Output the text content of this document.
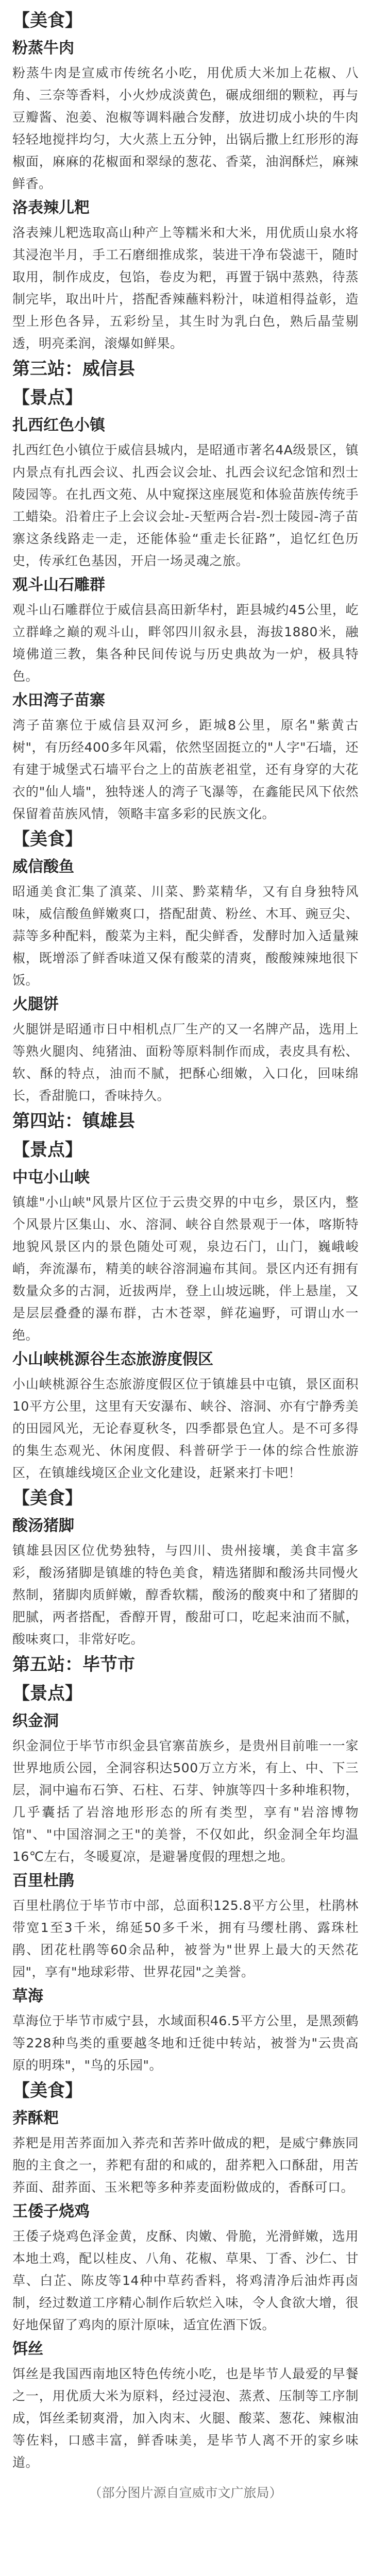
【美食】

粉蒸牛肉

粉蒸牛肉是宣威市传统名小吃，用优质大米加上花椒、八角、三奈等香料，小火炒成淡黄色，碾成细细的颗粒，再与豆瓣酱、泡姜、泡椒等调料融合发酵，放进切成小块的牛肉轻轻地搅拌均匀，大火蒸上五分钟，出锅后撒上红形形的海椒面，麻麻的花椒面和翠绿的葱花、香菜，油润酥烂，麻辣鲜香。

洛表辣儿粑

洛表辣儿粑选取高山种产上等糯米和大米，用优质山泉水将其浸泡半月，手工石磨细推成浆，装进干净布袋滤干，随时取用，制作成皮，包馅，卷皮为粑，再置于锅中蒸熟，待蒸制完毕，取出叶片，搭配香辣蘸料粉汁，味道相得益彰，造型上形色各异，五彩纷呈，其生时为乳白色，熟后晶莹剔透，明亮柔润，滚爆如鲜果。

第三站：威信县

【景点】

扎西红色小镇

扎西红色小镇位于威信县城内，是昭通市著名4A级景区，镇内景点有扎西会议、扎西会议会址、扎西会议纪念馆和烈士陵园等。在扎西文苑、从中窥探这座展览和体验苗族传统手工蜡染。沿着庄子上会议会址-天堑两合岩-烈士陵园-湾子苗寨这条线路走一走，还能体验“重走长征路”，追忆红色历史，传承红色基因，开启一场灵魂之旅。

观斗山石雕群

观斗山石雕群位于威信县高田新华村，距县城约45公里，屹立群峰之巅的观斗山，畔邻四川叙永县，海拔1880米，融境佛道三教，集各种民间传说与历史典故为一炉，极具特色。

水田湾子苗寨

湾子苗寨位于威信县双河乡，距城8公里，原名"紫黄古树"，有历经400多年风霜，依然坚固挺立的"人字"石墙，还有建于城堡式石墙平台之上的苗族老祖堂，还有身穿的大花衣的"仙人墙"，独特迷人的湾子飞瀑等，在鑫能民风下依然保留着苗族风情，领略丰富多彩的民族文化。

【美食】

威信酸鱼

昭通美食汇集了滇菜、川菜、黔菜精华，又有自身独特风味，威信酸鱼鲜嫩爽口，搭配甜黄、粉丝、木耳、豌豆尖、蒜等多种配料，酸菜为主料，配尖鲜香，发酵时加入适量辣椒，既增添了鲜香味道又保有酸菜的清爽，酸酸辣辣地很下饭。

火腿饼

火腿饼是昭通市日中相机点厂生产的又一名牌产品，选用上等熟火腿肉、纯猪油、面粉等原料制作而成，表皮具有松、软、酥的特点，油而不腻，把酥心细嫩，入口化，回味绵长，香甜脆口，香味持久。

第四站：镇雄县

【景点】

中屯小山峡

镇雄"小山峡"风景片区位于云贵交界的中屯乡，景区内，整个风景片区集山、水、溶洞、峡谷自然景观于一体，喀斯特地貌风景区内的景色随处可观，泉边石门，山门，巍峨峻峭，奔流瀑布，精美的峡谷溶洞遍布其间。景区内还有拥有数量众多的古洞，近拔两岸，登上山坡远眺，伴上悬崖，又是层层叠叠的瀑布群，古木苍翠，鲜花遍野，可谓山水一绝。

小山峡桃源谷生态旅游度假区

小山峡桃源谷生态旅游度假区位于镇雄县中屯镇，景区面积10平方公里，这里有天安瀑布、峡谷、溶洞、亦有宁静秀美的田园风光，无论春夏秋冬，四季都景色宜人。是不可多得的集生态观光、休闲度假、科普研学于一体的综合性旅游区，在镇雄线境区企业文化建设，赶紧来打卡吧！

【美食】

酸汤猪脚

镇雄县因区位优势独特，与四川、贵州接壤，美食丰富多彩，酸汤猪脚是镇雄的特色美食，精选猪脚和酸汤共同慢火熬制，猪脚肉质鲜嫩，醇香软糯，酸汤的酸爽中和了猪脚的肥腻，两者搭配，香醇开胃，酸甜可口，吃起来油而不腻，酸味爽口，非常好吃。

第五站：毕节市

【景点】

织金洞

织金洞位于毕节市织金县官寨苗族乡，是贵州目前唯一一家世界地质公园，全洞容积达500万立方米，有上、中、下三层，洞中遍布石笋、石柱、石芽、钟旗等四十多种堆积物，几乎囊括了岩溶地形形态的所有类型，享有"岩溶博物馆"、"中国溶洞之王"的美誉，不仅如此，织金洞全年均温16℃左右，冬暖夏凉，是避暑度假的理想之地。

百里杜鹃

百里杜鹃位于毕节市中部，总面积125.8平方公里，杜鹃林带宽1至3千米，绵延50多千米，拥有马缨杜鹃、露珠杜鹃、团花杜鹃等60余品种，被誉为"世界上最大的天然花园"，享有"地球彩带、世界花园"之美誉。

草海

草海位于毕节市威宁县，水域面积46.5平方公里，是黑颈鹤等228种鸟类的重要越冬地和迁徙中转站，被誉为"云贵高原的明珠"，"鸟的乐园"。

【美食】

荞酥粑

荞粑是用苦荞面加入荞壳和苦荞叶做成的粑，是威宁彝族同胞的主食之一，荞粑有甜的和咸的，甜荞粑入口酥甜，用苦荞面、甜荞面、玉米粑等多种荞麦面粉做成的，香酥可口。

王倭子烧鸡

王倭子烧鸡色泽金黄，皮酥、肉嫩、骨脆，光滑鲜嫩，选用本地土鸡，配以桂皮、八角、花椒、草果、丁香、沙仁、甘草、白芷、陈皮等14种中草药香料，将鸡清净后油炸再卤制，经过数道工序精心制作后软烂入味，令人食欲大增，很好地保留了鸡肉的原汁原味，适宜佐酒下饭。

饵丝

饵丝是我国西南地区特色传统小吃，也是毕节人最爱的早餐之一，用优质大米为原料，经过浸泡、蒸煮、压制等工序制成，饵丝柔韧爽滑，加入肉末、火腿、酸菜、葱花、辣椒油等佐料，口感丰富，鲜香味美，是毕节人离不开的家乡味道。

（部分图片源自宣威市文广旅局）
